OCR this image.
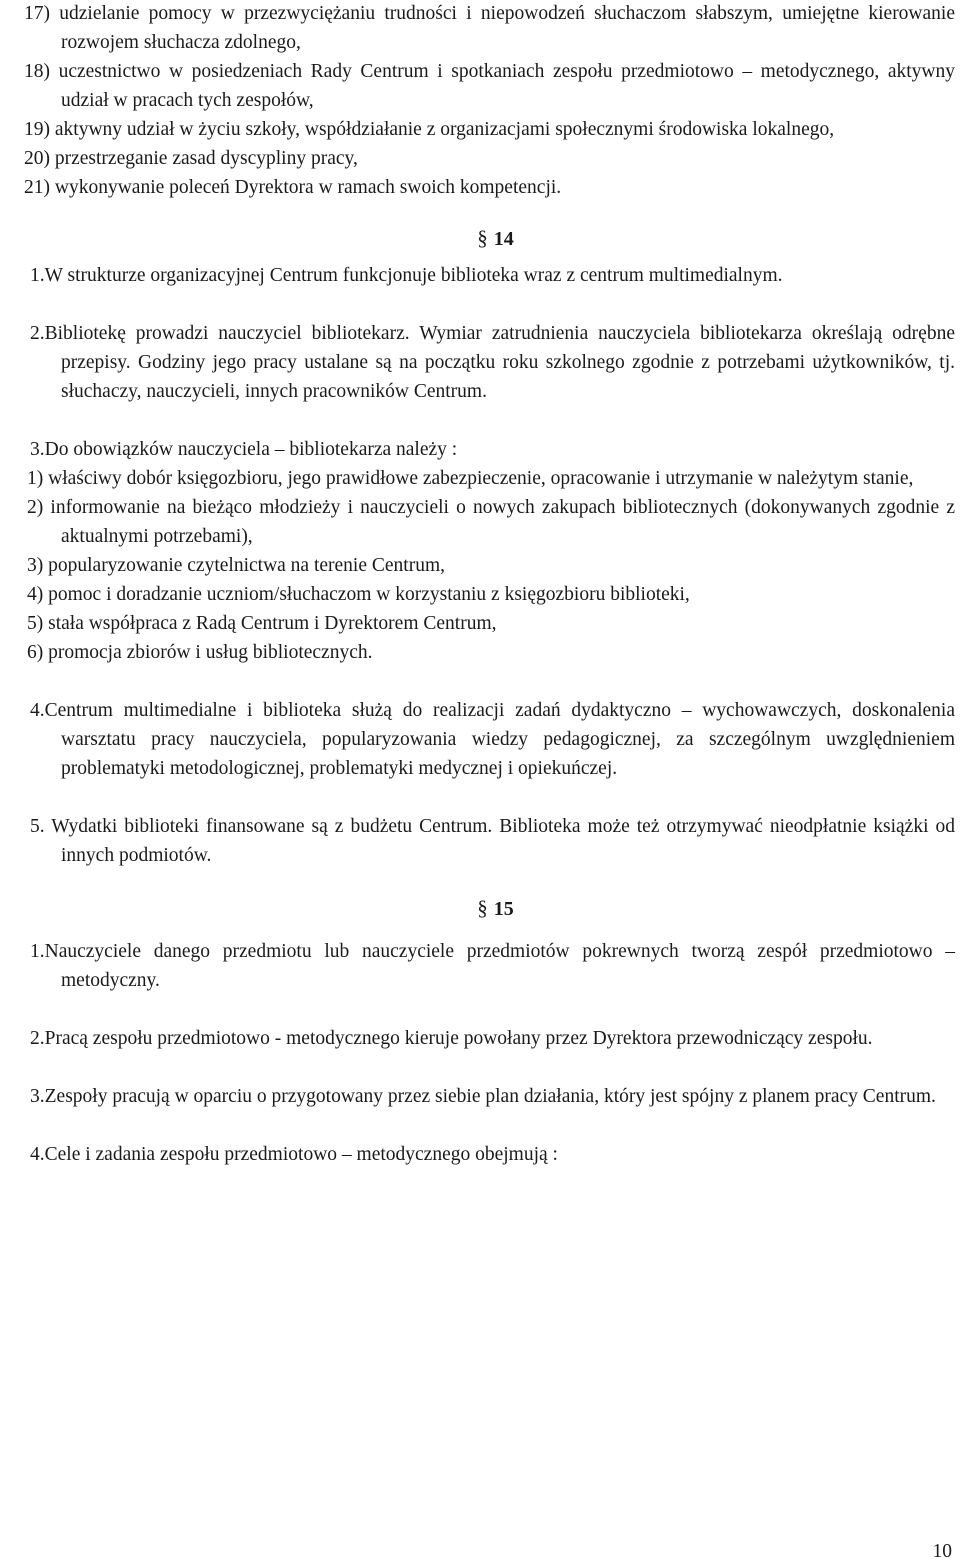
17) udzielanie pomocy w przezwyciężaniu trudności i niepowodzeń słuchaczom słabszym, umiejętne kierowanie rozwojem słuchacza zdolnego,

18) uczestnictwo w posiedzeniach Rady Centrum i spotkaniach zespołu przedmiotowo – metodycznego, aktywny udział w pracach tych zespołów,

19) aktywny udział w życiu szkoły, współdziałanie z organizacjami społecznymi środowiska lokalnego,

20) przestrzeganie zasad dyscypliny pracy,

21) wykonywanie poleceń Dyrektora w ramach swoich kompetencji.

§ 14

1.W strukturze organizacyjnej Centrum funkcjonuje biblioteka wraz z centrum multimedialnym.

2.Bibliotekę prowadzi nauczyciel bibliotekarz. Wymiar zatrudnienia nauczyciela bibliotekarza określają odrębne przepisy. Godziny jego pracy ustalane są na początku roku szkolnego zgodnie z potrzebami użytkowników, tj. słuchaczy, nauczycieli, innych pracowników Centrum.

3.Do obowiązków nauczyciela – bibliotekarza należy :

1) właściwy dobór księgozbioru, jego prawidłowe zabezpieczenie, opracowanie i utrzymanie w należytym stanie,

2) informowanie na bieżąco młodzieży i nauczycieli o nowych zakupach bibliotecznych (dokonywanych zgodnie z aktualnymi potrzebami),

3) popularyzowanie czytelnictwa na terenie Centrum,

4) pomoc i doradzanie uczniom/słuchaczom w korzystaniu z księgozbioru biblioteki,

5) stała współpraca z Radą Centrum i Dyrektorem Centrum,

6) promocja zbiorów i usług bibliotecznych.

4.Centrum multimedialne i biblioteka służą do realizacji zadań dydaktyczno – wychowawczych, doskonalenia warsztatu pracy nauczyciela, popularyzowania wiedzy pedagogicznej, za szczególnym uwzględnieniem problematyki metodologicznej, problematyki medycznej i opiekuńczej.

5. Wydatki biblioteki finansowane są z budżetu Centrum. Biblioteka może też otrzymywać nieodpłatnie książki od innych podmiotów.

§ 15

1.Nauczyciele danego przedmiotu lub nauczyciele przedmiotów pokrewnych tworzą zespół przedmiotowo – metodyczny.

2.Pracą zespołu przedmiotowo - metodycznego kieruje powołany przez Dyrektora przewodniczący zespołu.

3.Zespoły pracują w oparciu o przygotowany przez siebie plan działania, który jest spójny z planem pracy Centrum.

4.Cele i zadania zespołu przedmiotowo – metodycznego obejmują :

10
